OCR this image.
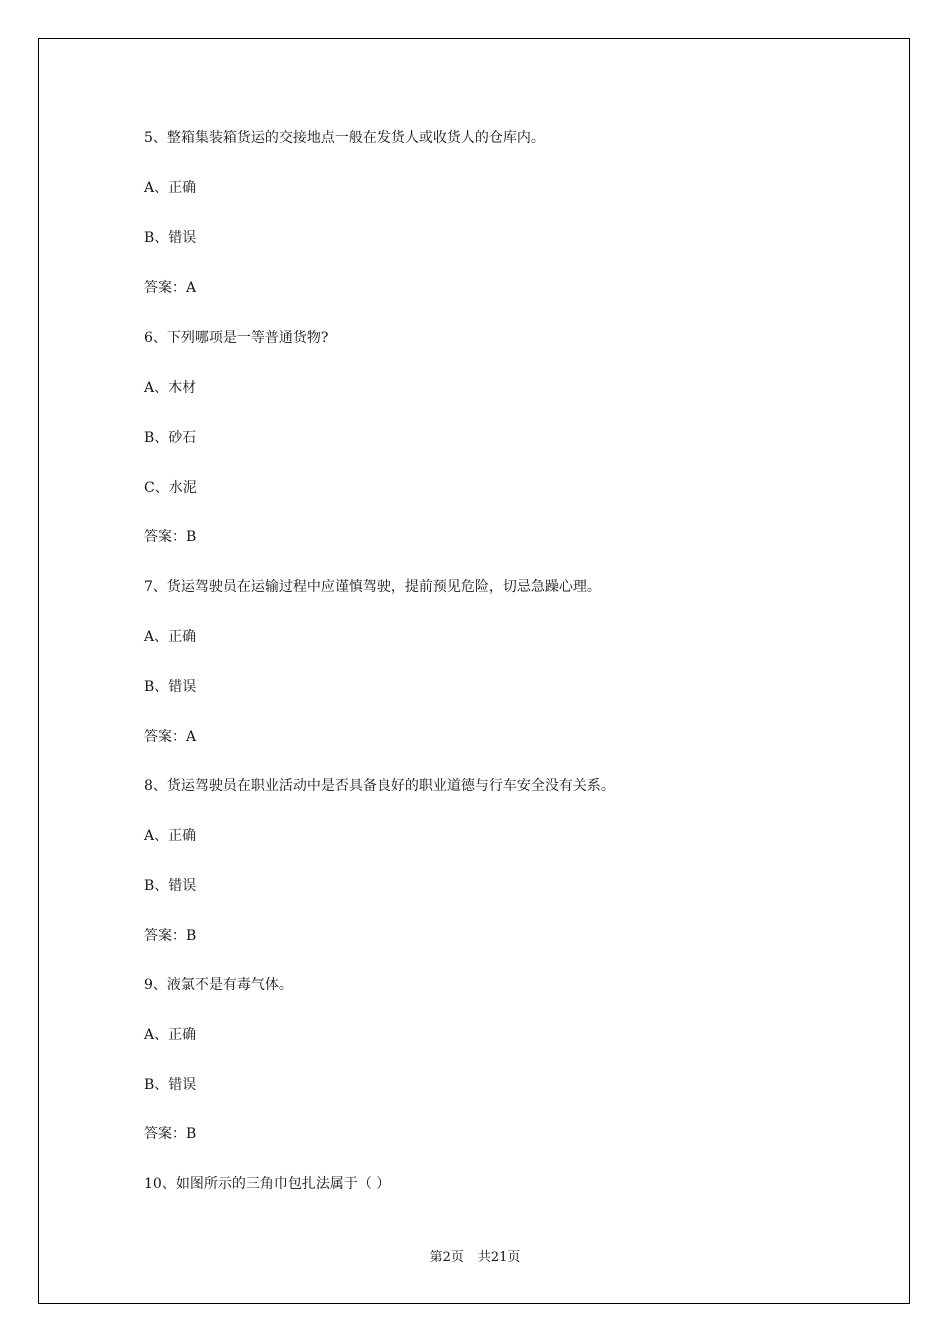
5、整箱集装箱货运的交接地点一般在发货人或收货人的仓库内。
A、正确
B、错误
答案：A
6、下列哪项是一等普通货物?
A、木材
B、砂石
C、水泥
答案：B
7、货运驾驶员在运输过程中应谨慎驾驶，提前预见危险，切忌急躁心理。
A、正确
B、错误
答案：A
8、货运驾驶员在职业活动中是否具备良好的职业道德与行车安全没有关系。
A、正确
B、错误
答案：B
9、液氯不是有毒气体。
A、正确
B、错误
答案：B
10、如图所示的三角巾包扎法属于（ ）
第2页 共21页
